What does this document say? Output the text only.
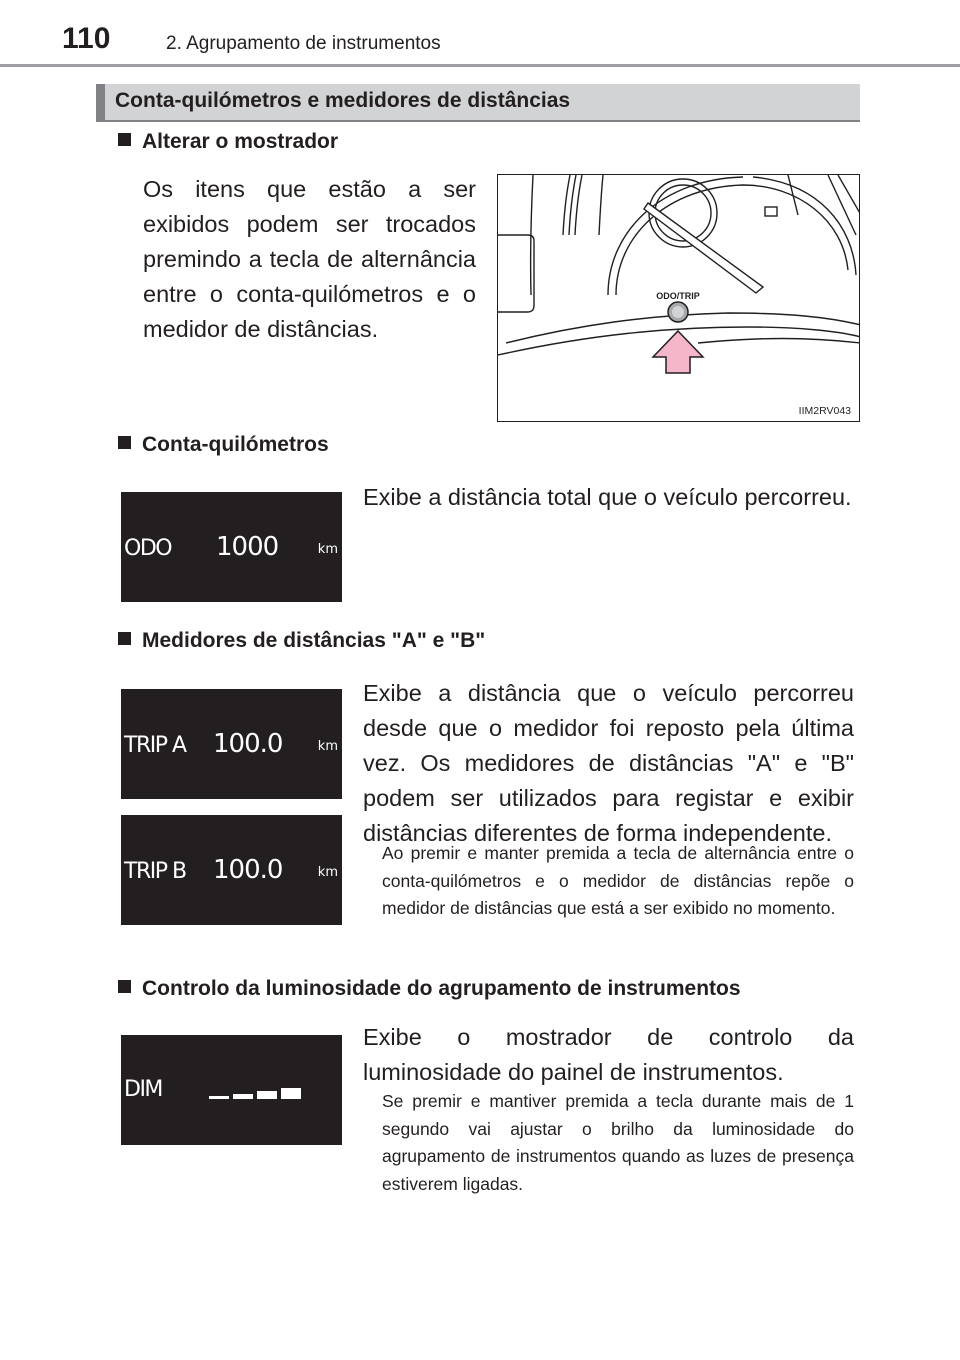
110	2. Agrupamento de instrumentos
Conta-quilómetros e medidores de distâncias
Alterar o mostrador
Os itens que estão a ser exibidos podem ser trocados premindo a tecla de alternância entre o conta-quilómetros e o medidor de distâncias.
ODO/TRIP
IIM2RV043
Conta-quilómetros
ODO 1000	km
Exibe a distância total que o veículo percorreu.
Medidores de distâncias "A" e "B"
TRIP A 100.0	km
TRIP B 100.0	km
Exibe a distância que o veículo percorreu desde que o medidor foi reposto pela última vez. Os medidores de distâncias "A" e "B" podem ser utilizados para registar e exibir distâncias diferentes de forma independente.
Ao premir e manter premida a tecla de alternância entre o conta-quilómetros e o medidor de distâncias repõe o medidor de distâncias que está a ser exibido no momento.
Controlo da luminosidade do agrupamento de instrumentos
DIM
Exibe o mostrador de controlo da luminosidade do painel de instrumentos.
Se premir e mantiver premida a tecla durante mais de 1 segundo vai ajustar o brilho da luminosidade do agrupamento de instrumentos quando as luzes de presença estiverem ligadas.
